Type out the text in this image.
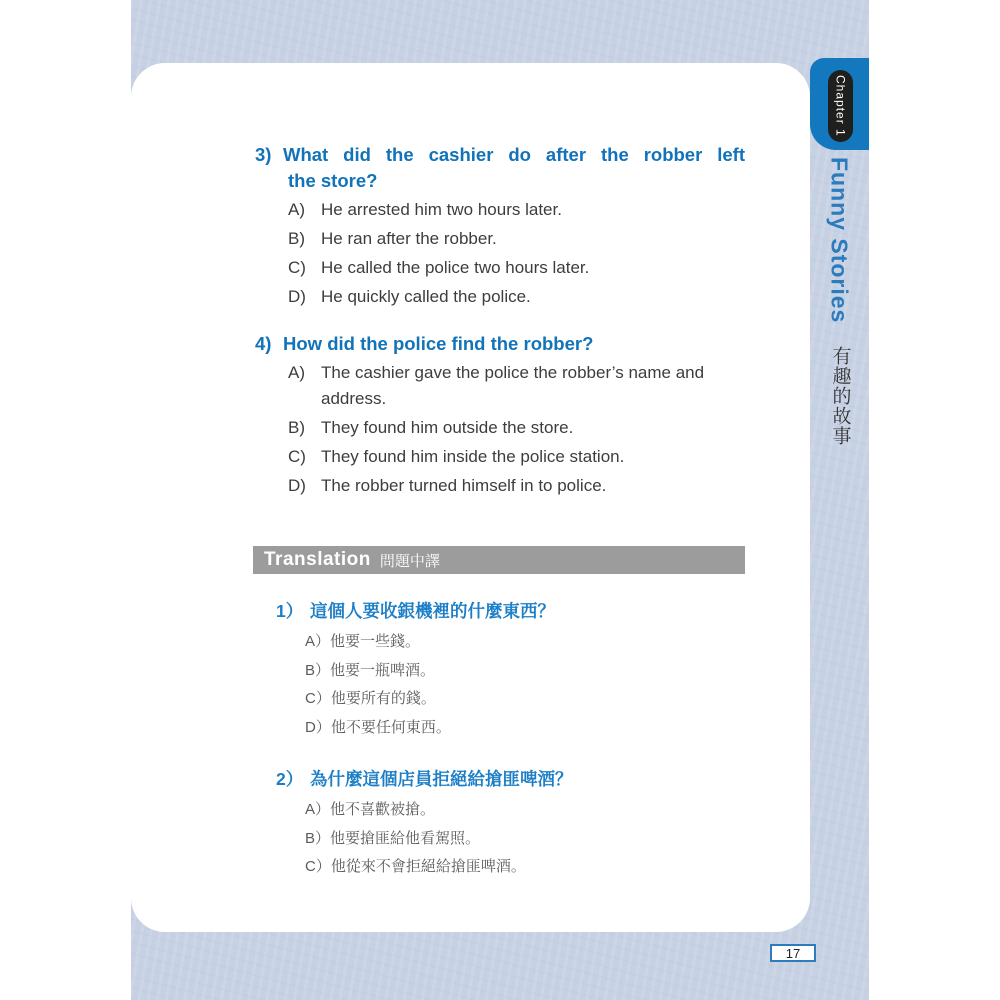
3) What did the cashier do after the robber left
the store?
A) He arrested him two hours later.
B) He ran after the robber.
C) He called the police two hours later.
D) He quickly called the police.
4) How did the police find the robber?
A) The cashier gave the police the robber’s name and address.
B) They found him outside the store.
C) They found him inside the police station.
D) The robber turned himself in to police.
Translation 問題中譯
1） 這個人要收銀機裡的什麼東西？
A） 他要一些錢。
B） 他要一瓶啤酒。
C） 他要所有的錢。
D） 他不要任何東西。
2） 為什麼這個店員拒絕給搶匪啤酒？
A） 他不喜歡被搶。
B） 他要搶匪給他看駕照。
C） 他從來不會拒絕給搶匪啤酒。
Chapter 1
Funny Stories 有趣的故事
17
